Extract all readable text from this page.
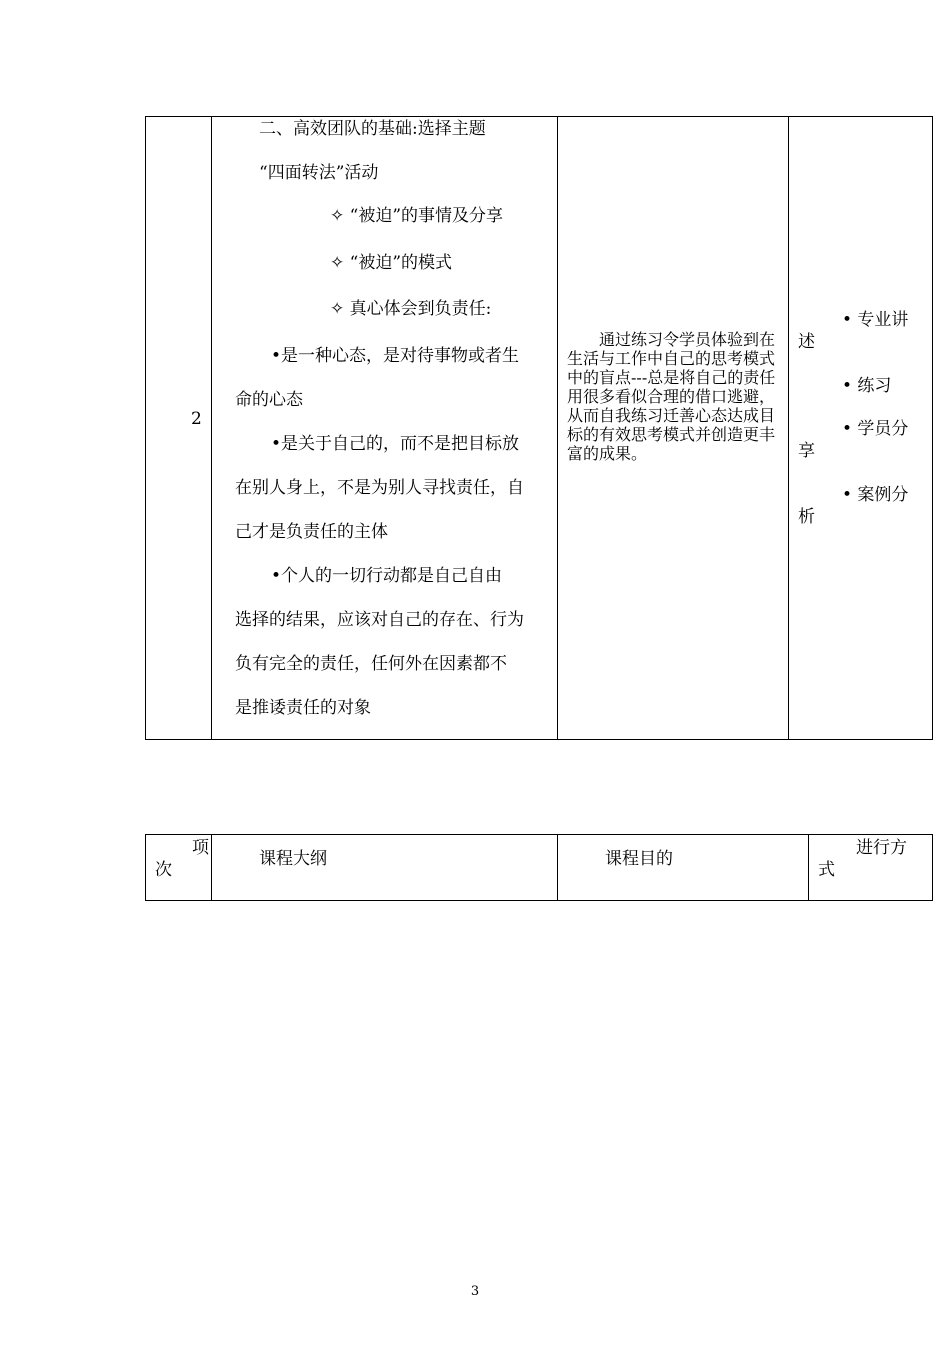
2
二、高效团队的基础:选择主题
“四面转法”活动
✧ “被迫”的事情及分享
✧ “被迫”的模式
✧ 真心体会到负责任:
•是一种心态，是对待事物或者生
命的心态
•是关于自己的，而不是把目标放
在别人身上，不是为别人寻找责任，自
己才是负责任的主体
•个人的一切行动都是自己自由
选择的结果，应该对自己的存在、行为
负有完全的责任，任何外在因素都不
是推诿责任的对象

通过练习令学员体验到在生活与工作中自己的思考模式中的盲点---总是将自己的责任用很多看似合理的借口逃避，从而自我练习迁善心态达成目标的有效思考模式并创造更丰富的成果。

• 专业讲
述
• 练习
• 学员分
享
• 案例分
析
项
次
课程大纲	课程目的
进行方
式
3
